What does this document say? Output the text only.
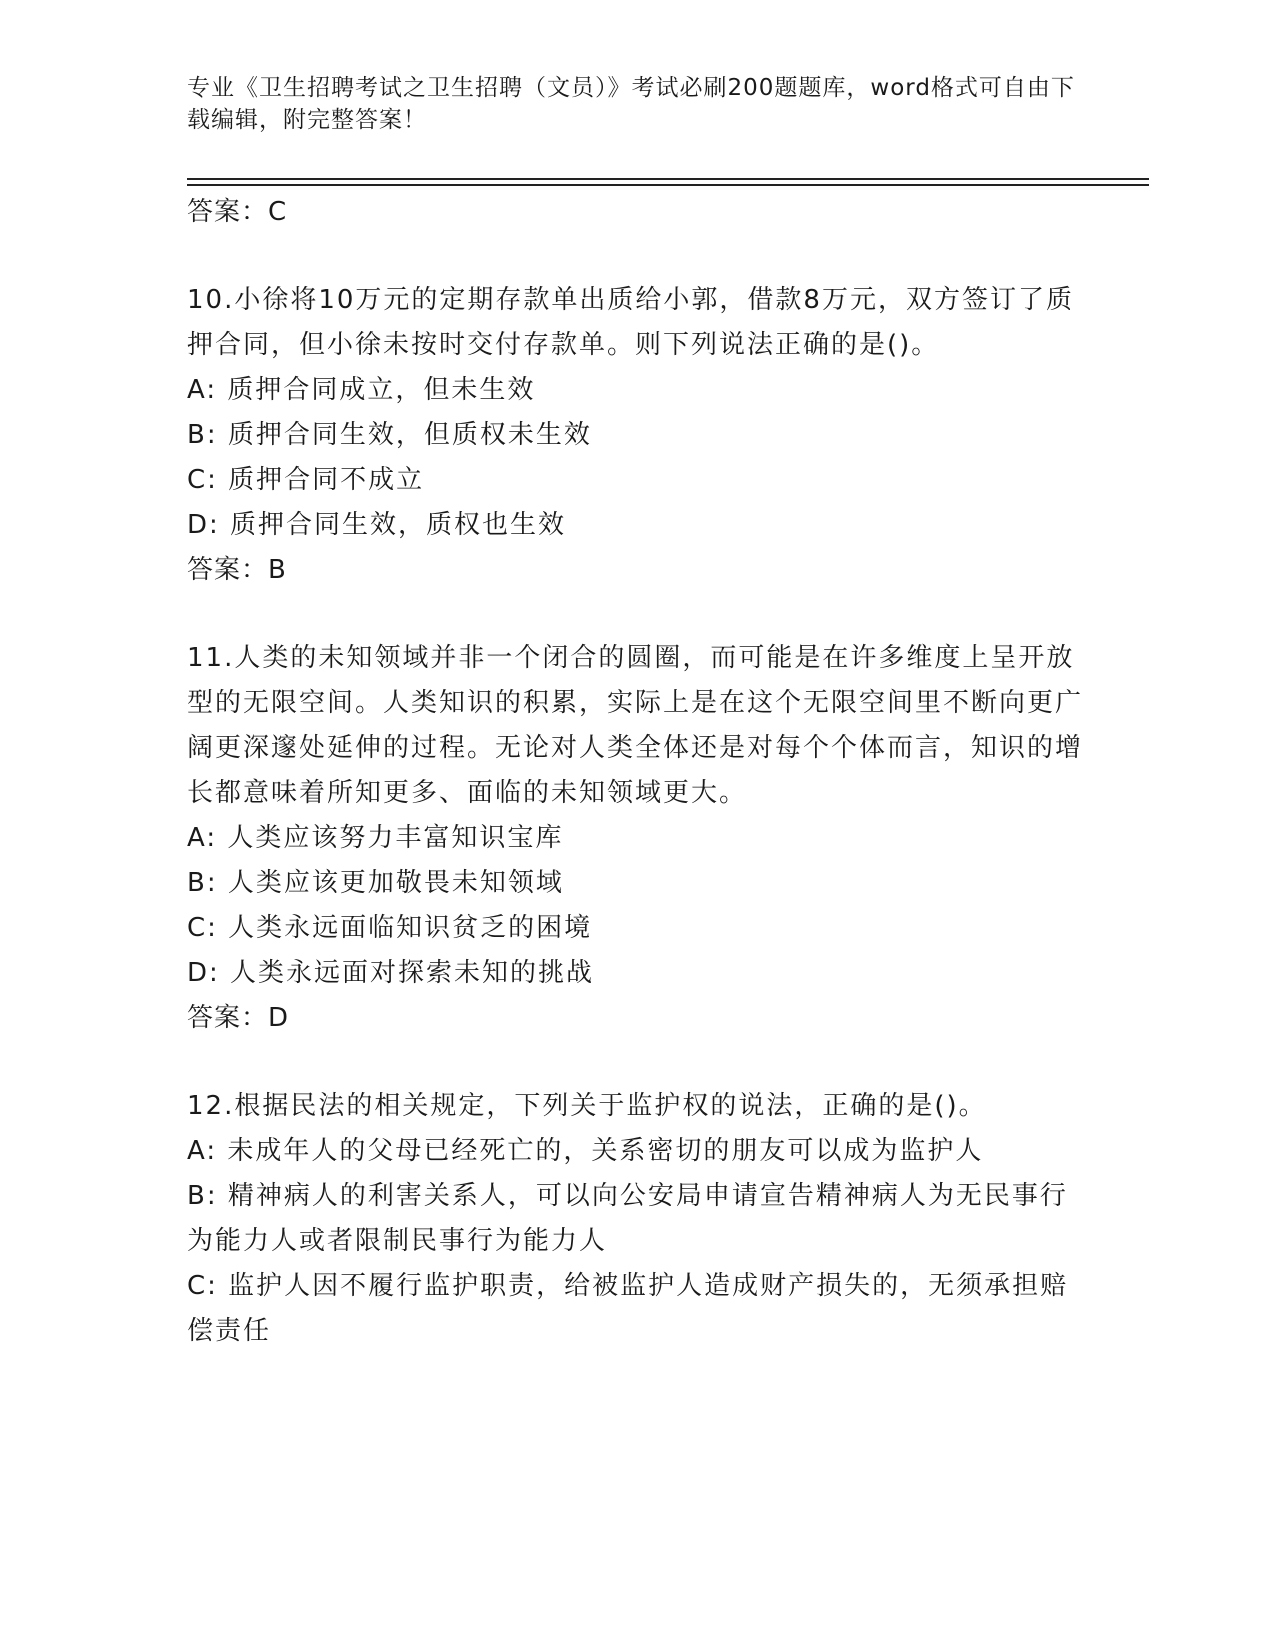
专业《卫生招聘考试之卫生招聘（文员）》考试必刷200题题库，word格式可自由下载编辑，附完整答案！
答案：C
10.小徐将10万元的定期存款单出质给小郭，借款8万元，双方签订了质押合同，但小徐未按时交付存款单。则下列说法正确的是()。
A: 质押合同成立，但未生效
B: 质押合同生效，但质权未生效
C: 质押合同不成立
D: 质押合同生效，质权也生效
答案：B
11.人类的未知领域并非一个闭合的圆圈，而可能是在许多维度上呈开放型的无限空间。人类知识的积累，实际上是在这个无限空间里不断向更广阔更深邃处延伸的过程。无论对人类全体还是对每个个体而言，知识的增长都意味着所知更多、面临的未知领域更大。
A: 人类应该努力丰富知识宝库
B: 人类应该更加敬畏未知领域
C: 人类永远面临知识贫乏的困境
D: 人类永远面对探索未知的挑战
答案：D
12.根据民法的相关规定，下列关于监护权的说法，正确的是()。
A: 未成年人的父母已经死亡的，关系密切的朋友可以成为监护人
B: 精神病人的利害关系人，可以向公安局申请宣告精神病人为无民事行为能力人或者限制民事行为能力人
C: 监护人因不履行监护职责，给被监护人造成财产损失的，无须承担赔偿责任
